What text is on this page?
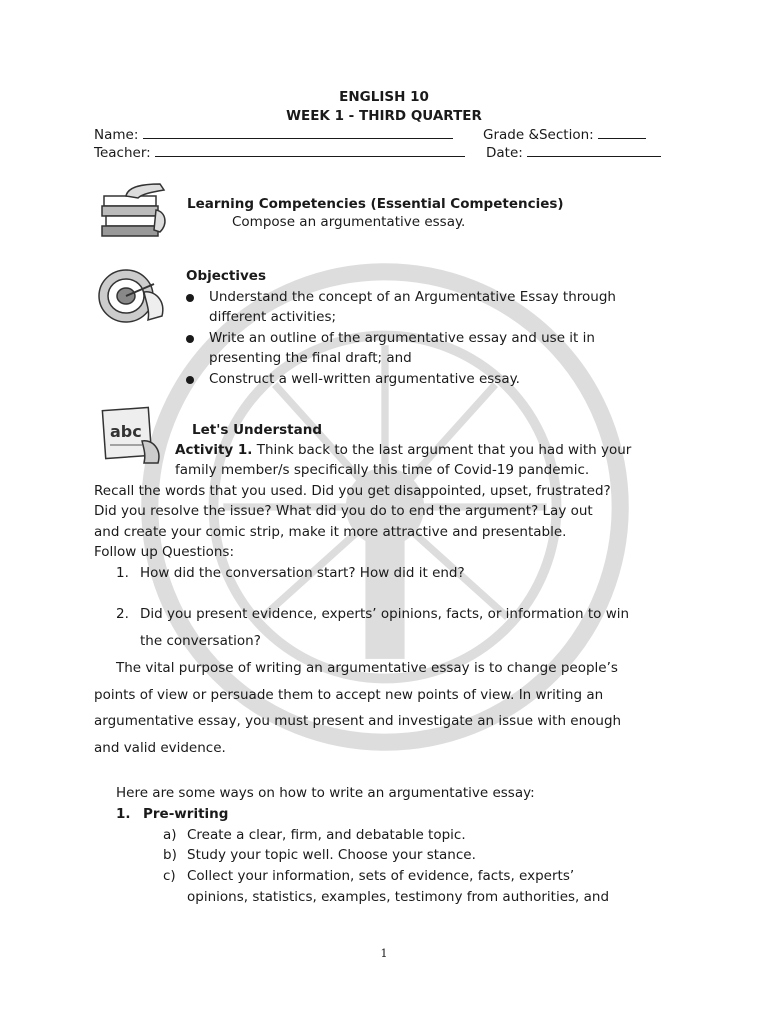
ENGLISH 10
WEEK 1 - THIRD QUARTER
Name:	Grade &Section:
Teacher:	Date:
Learning Competencies (Essential Competencies)
Compose an argumentative essay.
Objectives
Understand the concept of an Argumentative Essay through
different activities;
Write an outline of the argumentative essay and use it in
presenting the final draft; and
Construct a well-written argumentative essay.
abc	Let's Understand
Activity 1. Think back to the last argument that you had with your
family member/s specifically this time of Covid-19 pandemic.
Recall the words that you used. Did you get disappointed, upset, frustrated?
Did you resolve the issue? What did you do to end the argument? Lay out
and create your comic strip, make it more attractive and presentable.
Follow up Questions:
1. How did the conversation start? How did it end?
2. Did you present evidence, experts’ opinions, facts, or information to win
the conversation?
The vital purpose of writing an argumentative essay is to change people’s
points of view or persuade them to accept new points of view. In writing an
argumentative essay, you must present and investigate an issue with enough
and valid evidence.
Here are some ways on how to write an argumentative essay:
1. Pre-writing
a) Create a clear, firm, and debatable topic.
b) Study your topic well. Choose your stance.
c) Collect your information, sets of evidence, facts, experts’
opinions, statistics, examples, testimony from authorities, and
1
